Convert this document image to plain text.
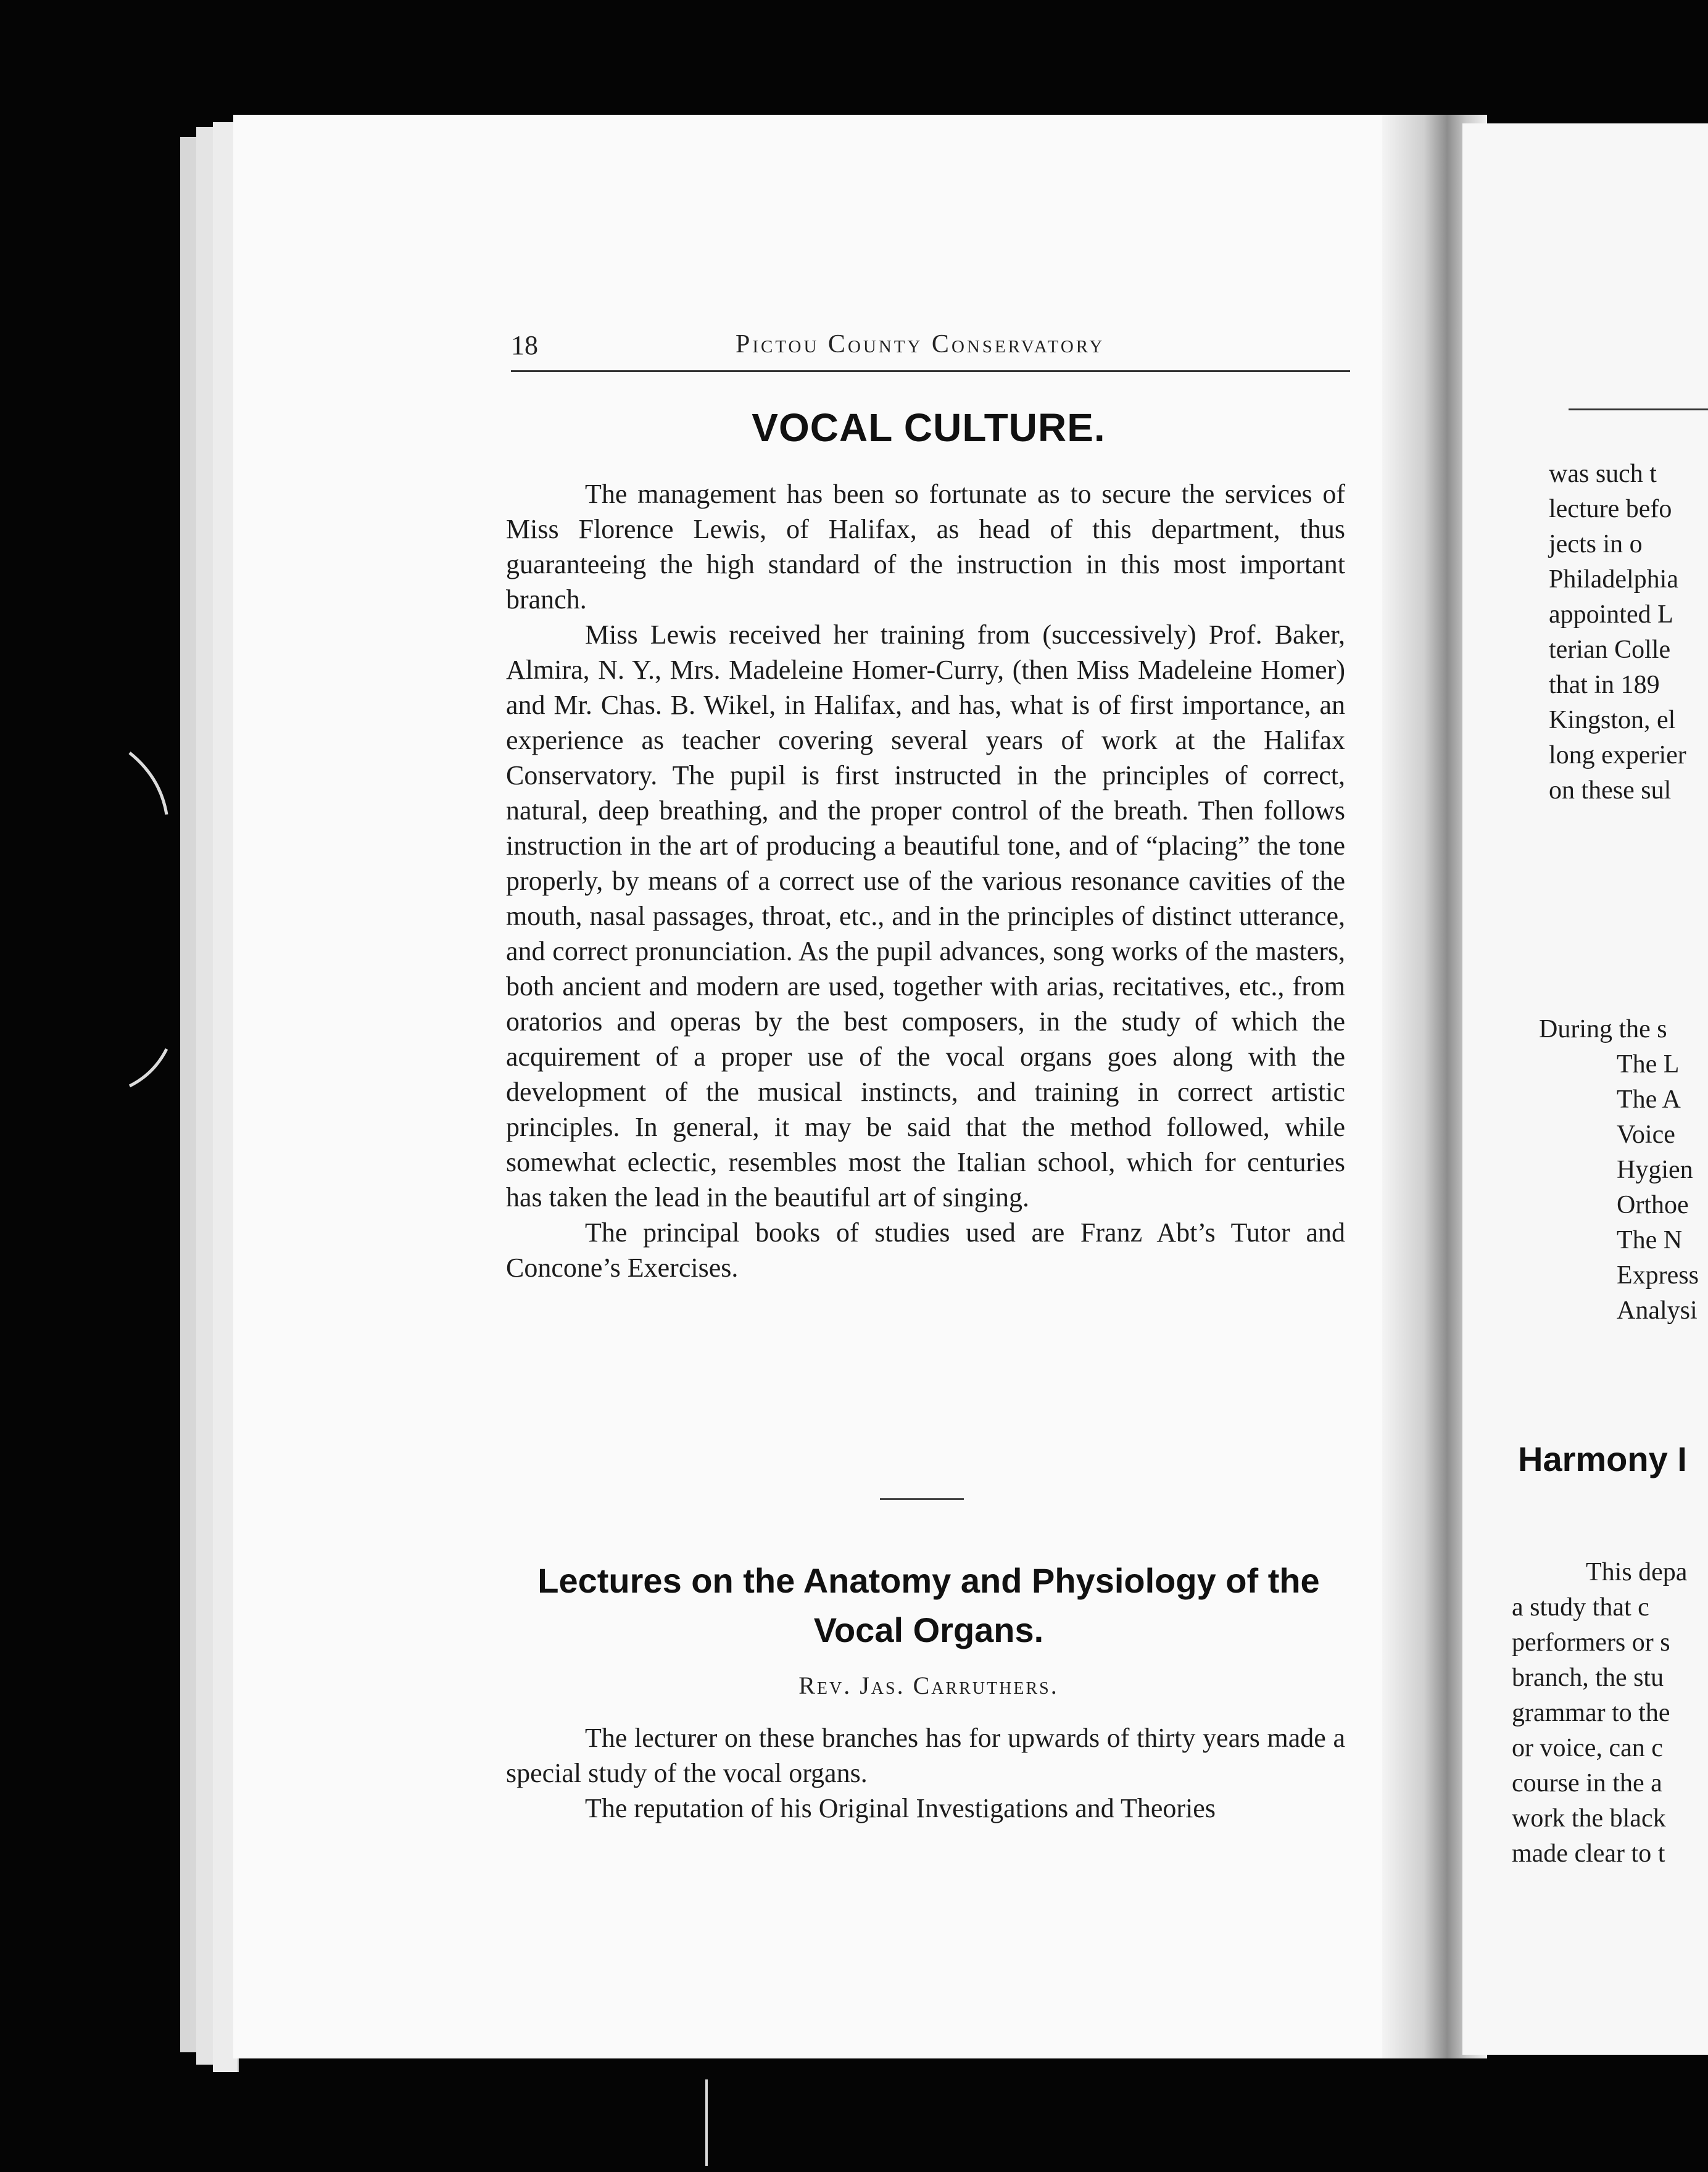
18	Pictou County Conservatory
VOCAL CULTURE.

The management has been so fortunate as to secure the services of Miss Florence Lewis, of Halifax, as head of this department, thus guaranteeing the high standard of the instruction in this most important branch.

Miss Lewis received her training from (successively) Prof. Baker, Almira, N. Y., Mrs. Madeleine Homer-Curry, (then Miss Madeleine Homer) and Mr. Chas. B. Wikel, in Halifax, and has, what is of first importance, an experience as teacher covering several years of work at the Halifax Conservatory. The pupil is first instructed in the principles of correct, natural, deep breathing, and the proper control of the breath. Then follows instruction in the art of producing a beautiful tone, and of “placing” the tone properly, by means of a correct use of the various resonance cavities of the mouth, nasal passages, throat, etc., and in the principles of distinct utterance, and correct pronunciation. As the pupil advances, song works of the masters, both ancient and modern are used, together with arias, recitatives, etc., from oratorios and operas by the best composers, in the study of which the acquirement of a proper use of the vocal organs goes along with the development of the musical instincts, and training in correct artistic principles. In general, it may be said that the method followed, while somewhat eclectic, resembles most the Italian school, which for centuries has taken the lead in the beautiful art of singing.

The principal books of studies used are Franz Abt’s Tutor and Concone’s Exercises.

Lectures on the Anatomy and Physiology of the Vocal Organs.
Rev. Jas. Carruthers.

The lecturer on these branches has for upwards of thirty years made a special study of the vocal organs.

The reputation of his Original Investigations and Theories

was such t
lecture befo
jects in o
Philadelphia
appointed L
terian Colle
that in 189
Kingston, el
long experier
on these sul
During the s
The L
The A
Voice
Hygien
Orthoe
The N
Express
Analysi
Harmony I
This depa
a study that c
performers or s
branch, the stu
grammar to the
or voice, can c
course in the a
work the black
made clear to t
